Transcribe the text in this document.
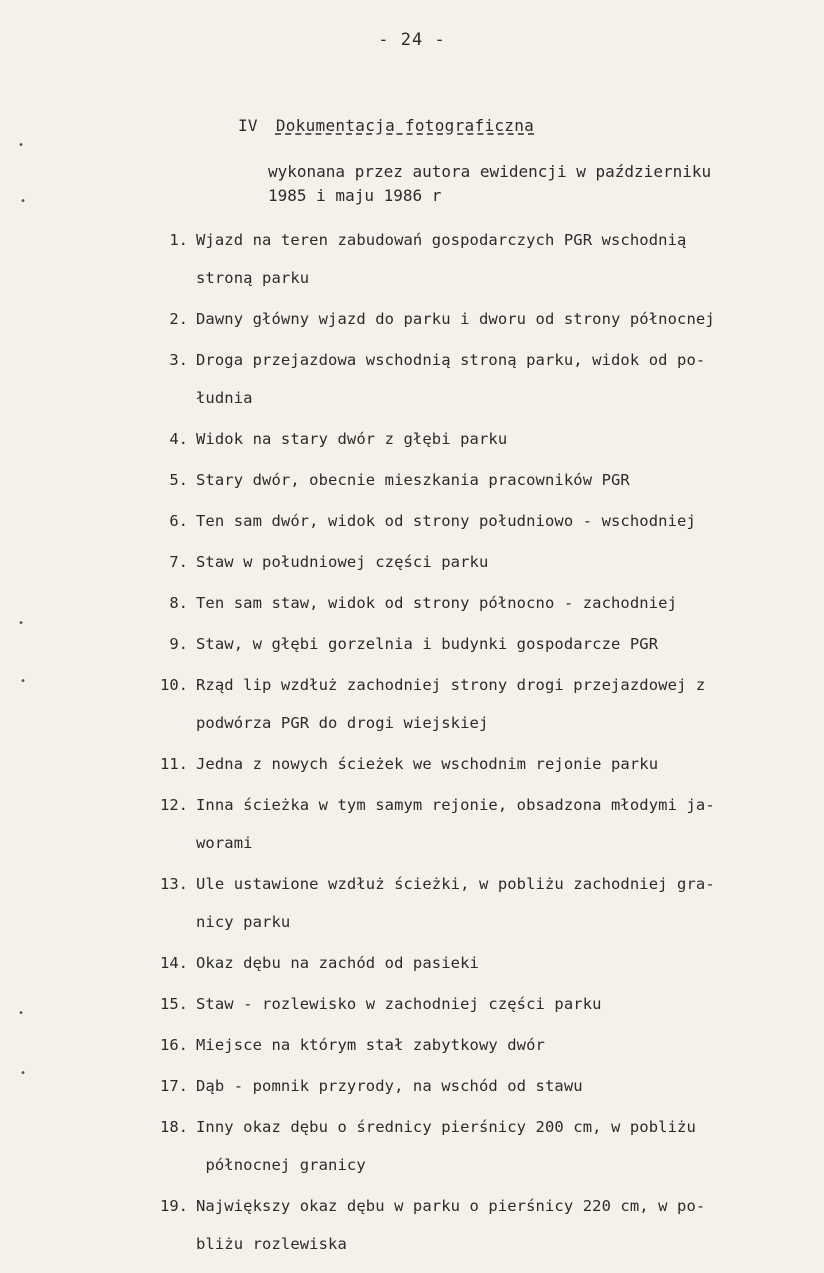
- 24 -
IV Dokumentacja fotograficzna
wykonana przez autora ewidencji w październiku
1985 i maju 1986 r
1. Wjazd na teren zabudowań gospodarczych PGR wschodnią
stroną parku
2. Dawny główny wjazd do parku i dworu od strony północnej
3. Droga przejazdowa wschodnią stroną parku, widok od po-
łudnia
4. Widok na stary dwór z głębi parku
5. Stary dwór, obecnie mieszkania pracowników PGR
6. Ten sam dwór, widok od strony południowo - wschodniej
7. Staw w południowej części parku
8. Ten sam staw, widok od strony północno - zachodniej
9. Staw, w głębi gorzelnia i budynki gospodarcze PGR
10. Rząd lip wzdłuż zachodniej strony drogi przejazdowej z
podwórza PGR do drogi wiejskiej
11. Jedna z nowych ścieżek we wschodnim rejonie parku
12. Inna ścieżka w tym samym rejonie, obsadzona młodymi ja-
worami
13. Ule ustawione wzdłuż ścieżki, w pobliżu zachodniej gra-
nicy parku
14. Okaz dębu na zachód od pasieki
15. Staw - rozlewisko w zachodniej części parku
16. Miejsce na którym stał zabytkowy dwór
17. Dąb - pomnik przyrody, na wschód od stawu
18. Inny okaz dębu o średnicy pierśnicy 200 cm, w pobliżu
północnej granicy
19. Największy okaz dębu w parku o pierśnicy 220 cm, w po-
bliżu rozlewiska
•
•
•
•
•
•
